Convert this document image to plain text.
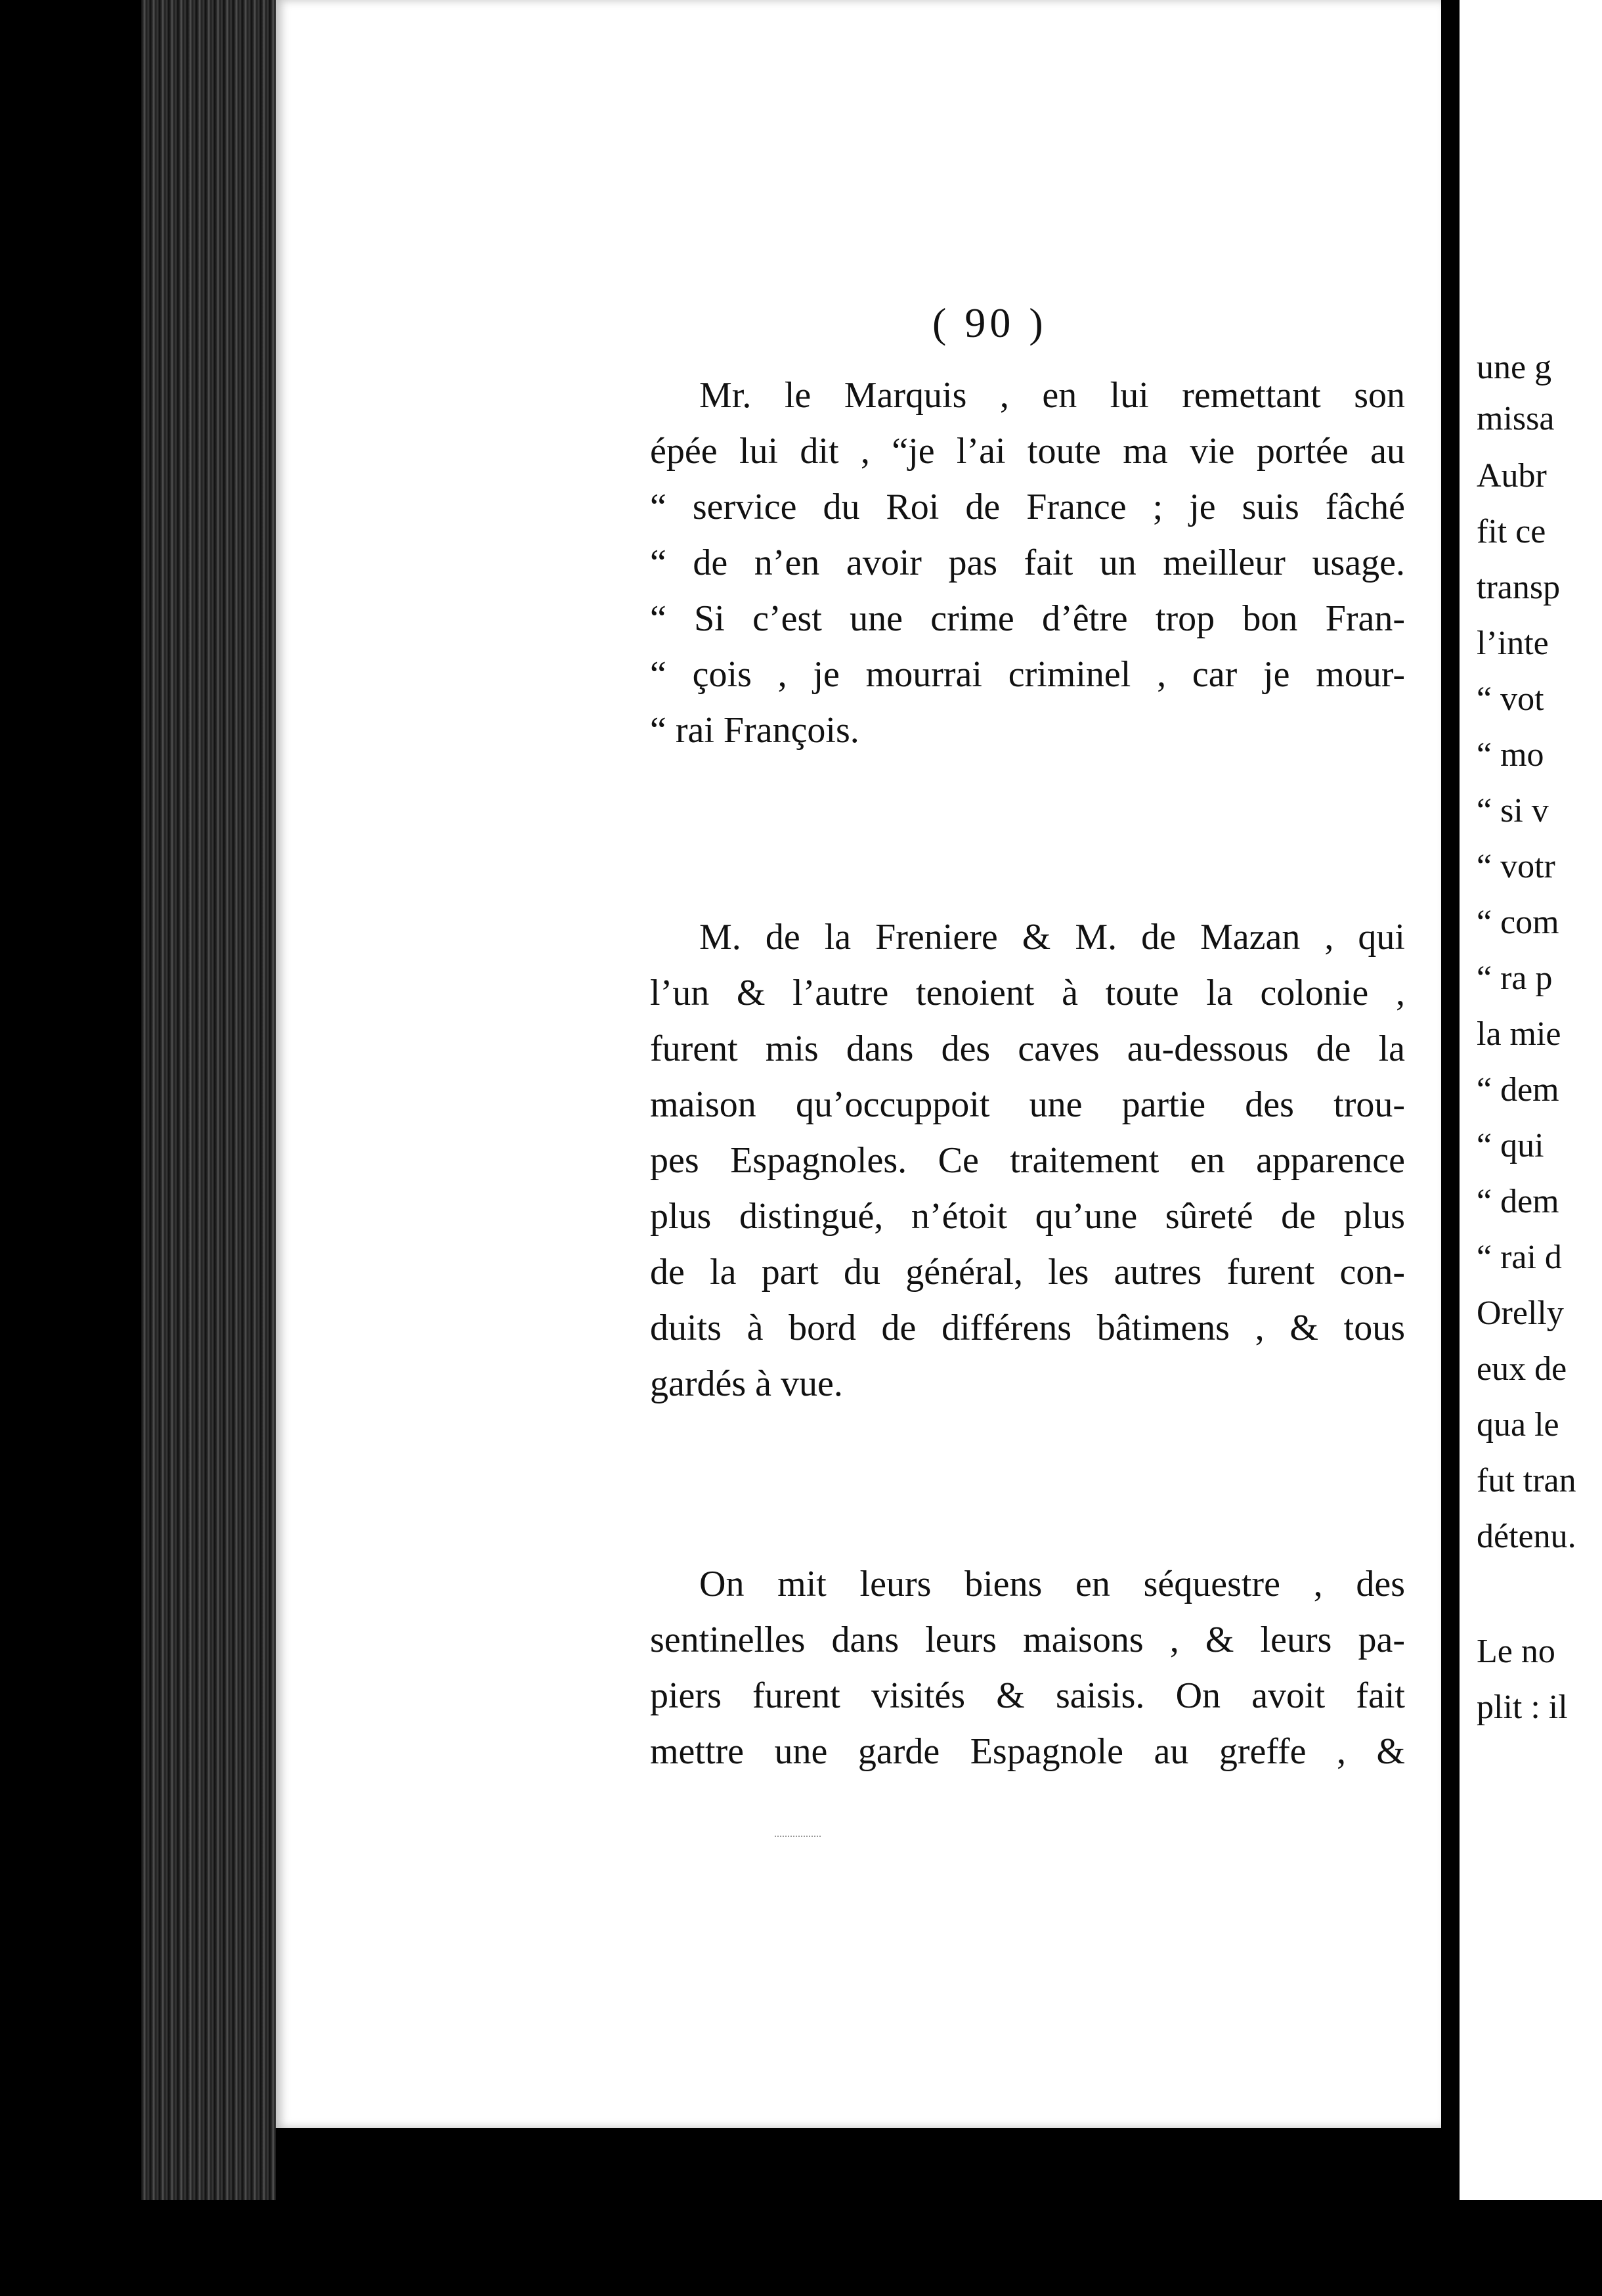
( 90 )
Mr. le Marquis , en lui remettant son
épée lui dit , “je l’ai toute ma vie portée au
“ service du Roi de France ; je suis fâché
“ de n’en avoir pas fait un meilleur usage.
“ Si c’est une crime d’être trop bon Fran-
“ çois , je mourrai criminel , car je mour-
“ rai François.
M. de la Freniere & M. de Mazan , qui
l’un & l’autre tenoient à toute la colonie ,
furent mis dans des caves au-dessous de la
maison qu’occuppoit une partie des trou-
pes Espagnoles. Ce traitement en apparence
plus distingué, n’étoit qu’une sûreté de plus
de la part du général, les autres furent con-
duits à bord de différens bâtimens , & tous
gardés à vue.
On mit leurs biens en séquestre , des
sentinelles dans leurs maisons , & leurs pa-
piers furent visités & saisis. On avoit fait
mettre une garde Espagnole au greffe , &
une g
missa
Aubr
fit ce
transp
l’inte
“ vot
“ mo
“ si v
“ votr
“ com
“ ra p
la mie
“ dem
“ qui
“ dem
“ rai d
Orelly
eux de
qua le
fut tran
détenu.
Le no
plit : il
